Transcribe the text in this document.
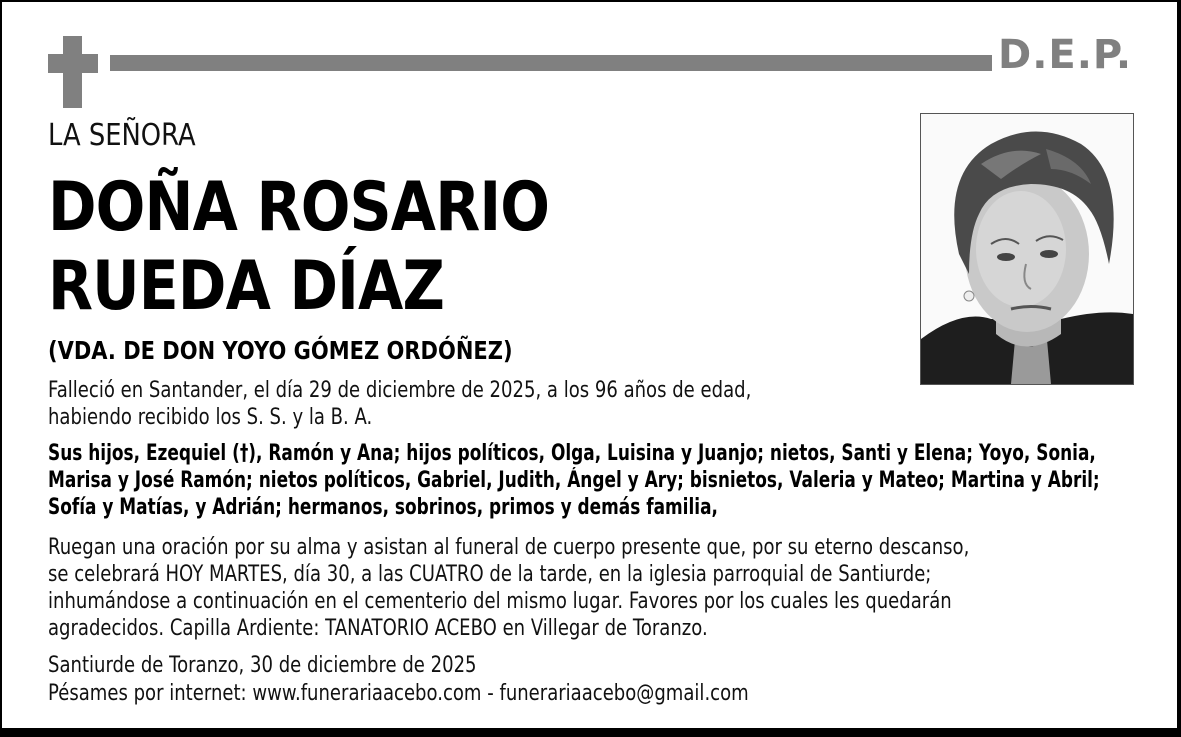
D.E.P.
LA SEÑORA
DOÑA ROSARIO
RUEDA DÍAZ
(VDA. DE DON YOYO GÓMEZ ORDÓÑEZ)
Falleció en Santander, el día 29 de diciembre de 2025, a los 96 años de edad,
habiendo recibido los S. S. y la B. A.
Sus hijos, Ezequiel (†), Ramón y Ana; hijos políticos, Olga, Luisina y Juanjo; nietos, Santi y Elena; Yoyo, Sonia,
Marisa y José Ramón; nietos políticos, Gabriel, Judith, Ángel y Ary; bisnietos, Valeria y Mateo; Martina y Abril;
Sofía y Matías, y Adrián; hermanos, sobrinos, primos y demás familia,
Ruegan una oración por su alma y asistan al funeral de cuerpo presente que, por su eterno descanso,
se celebrará HOY MARTES, día 30, a las CUATRO de la tarde, en la iglesia parroquial de Santiurde;
inhumándose a continuación en el cementerio del mismo lugar. Favores por los cuales les quedarán
agradecidos. Capilla Ardiente: TANATORIO ACEBO en Villegar de Toranzo.
Santiurde de Toranzo, 30 de diciembre de 2025
Pésames por internet: www.funerariaacebo.com - funerariaacebo@gmail.com
